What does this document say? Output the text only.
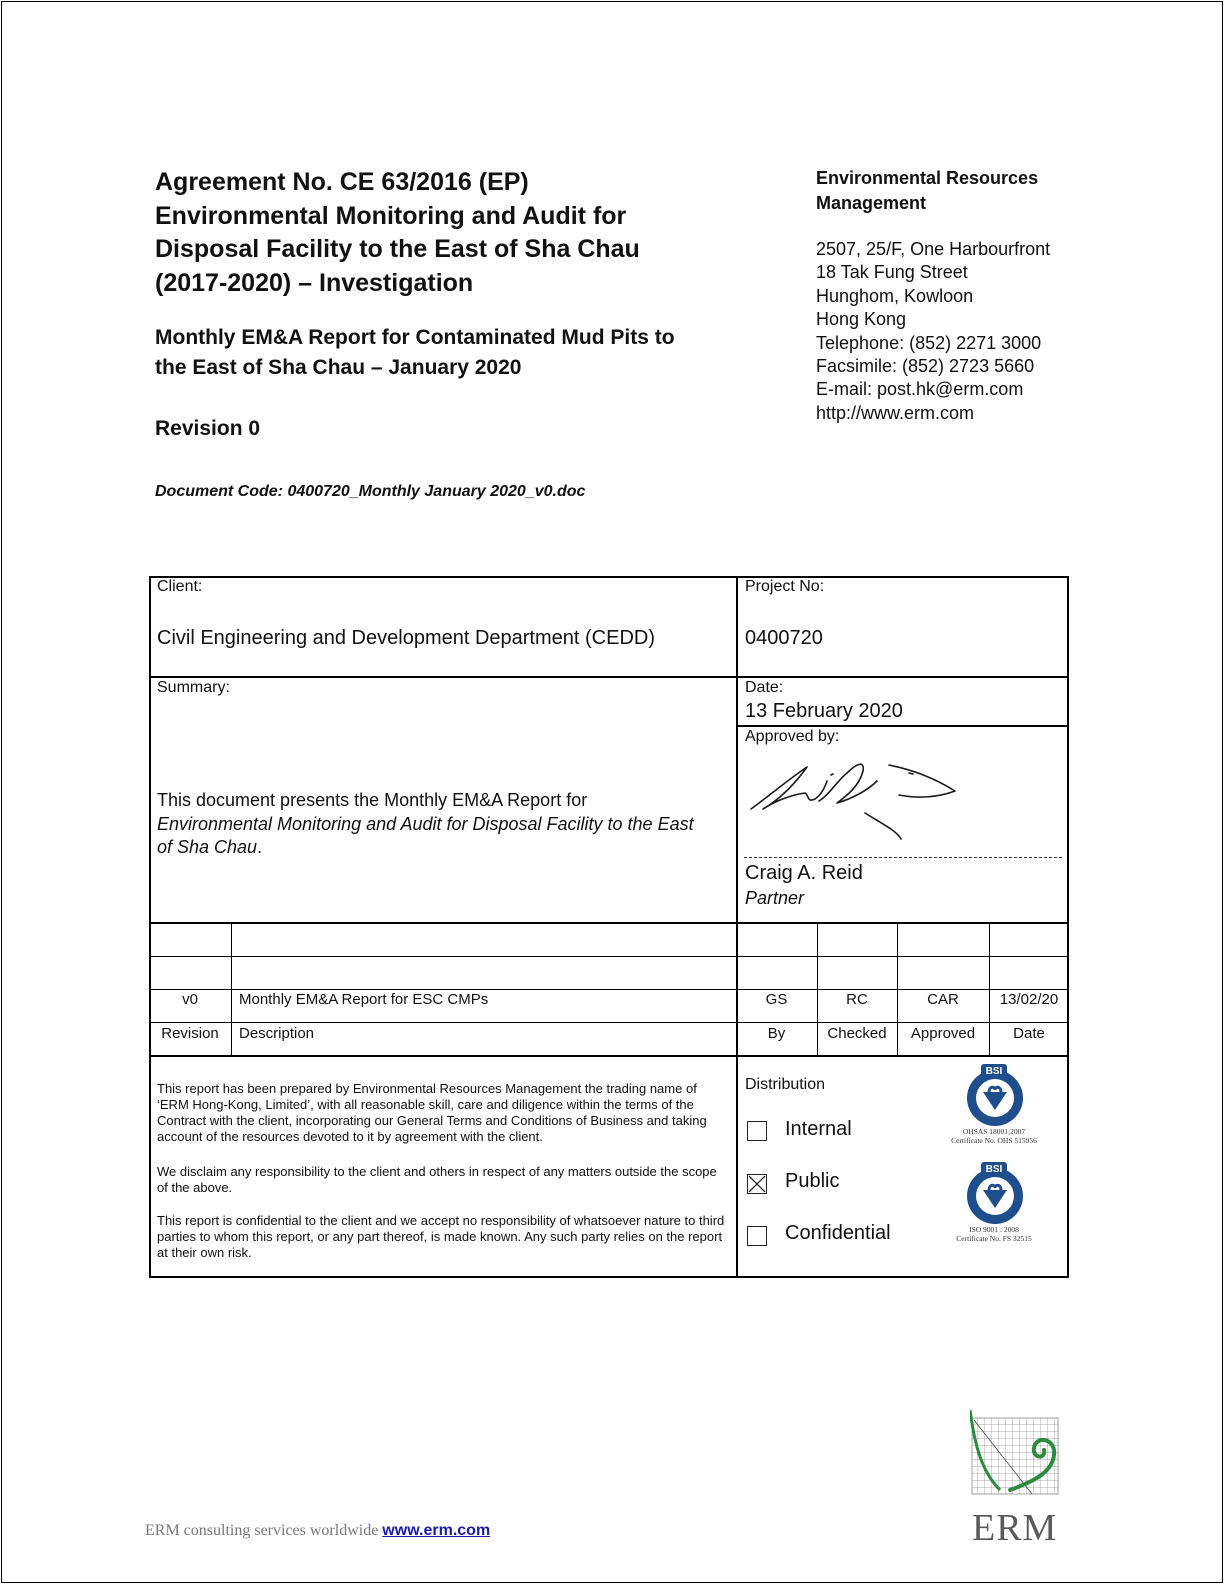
Agreement No. CE 63/2016 (EP)
Environmental Monitoring and Audit for
Disposal Facility to the East of Sha Chau
(2017-2020) – Investigation
Monthly EM&A Report for Contaminated Mud Pits to
the East of Sha Chau – January 2020
Revision 0
Document Code: 0400720_Monthly January 2020_v0.doc
Environmental Resources
Management
2507, 25/F, One Harbourfront
18 Tak Fung Street
Hunghom, Kowloon
Hong Kong
Telephone: (852) 2271 3000
Facsimile: (852) 2723 5660
E-mail: post.hk@erm.com
http://www.erm.com
Client:
Civil Engineering and Development Department (CEDD)
Project No:
0400720
Summary:
This document presents the Monthly EM&A Report for
Environmental Monitoring and Audit for Disposal Facility to the East
of Sha Chau.
Date:
13 February 2020
Approved by:
Craig A. Reid
Partner
v0	Monthly EM&A Report for ESC CMPs	GS	RC	CAR	13/02/20
Revision	Description	By	Checked	Approved	Date
This report has been prepared by Environmental Resources Management the trading name of ‘ERM Hong-Kong, Limited’, with all reasonable skill, care and diligence within the terms of the Contract with the client, incorporating our General Terms and Conditions of Business and taking account of the resources devoted to it by agreement with the client.
We disclaim any responsibility to the client and others in respect of any matters outside the scope of the above.
This report is confidential to the client and we accept no responsibility of whatsoever nature to third parties to whom this report, or any part thereof, is made known. Any such party relies on the report at their own risk.
Distribution
Internal
Public
Confidential
BSI
OHSAS 18001:2007
Certificate No. OHS 515956
BSI
ISO 9001 : 2008
Certificate No. FS 32515
ERM consulting services worldwide www.erm.com	ERM
